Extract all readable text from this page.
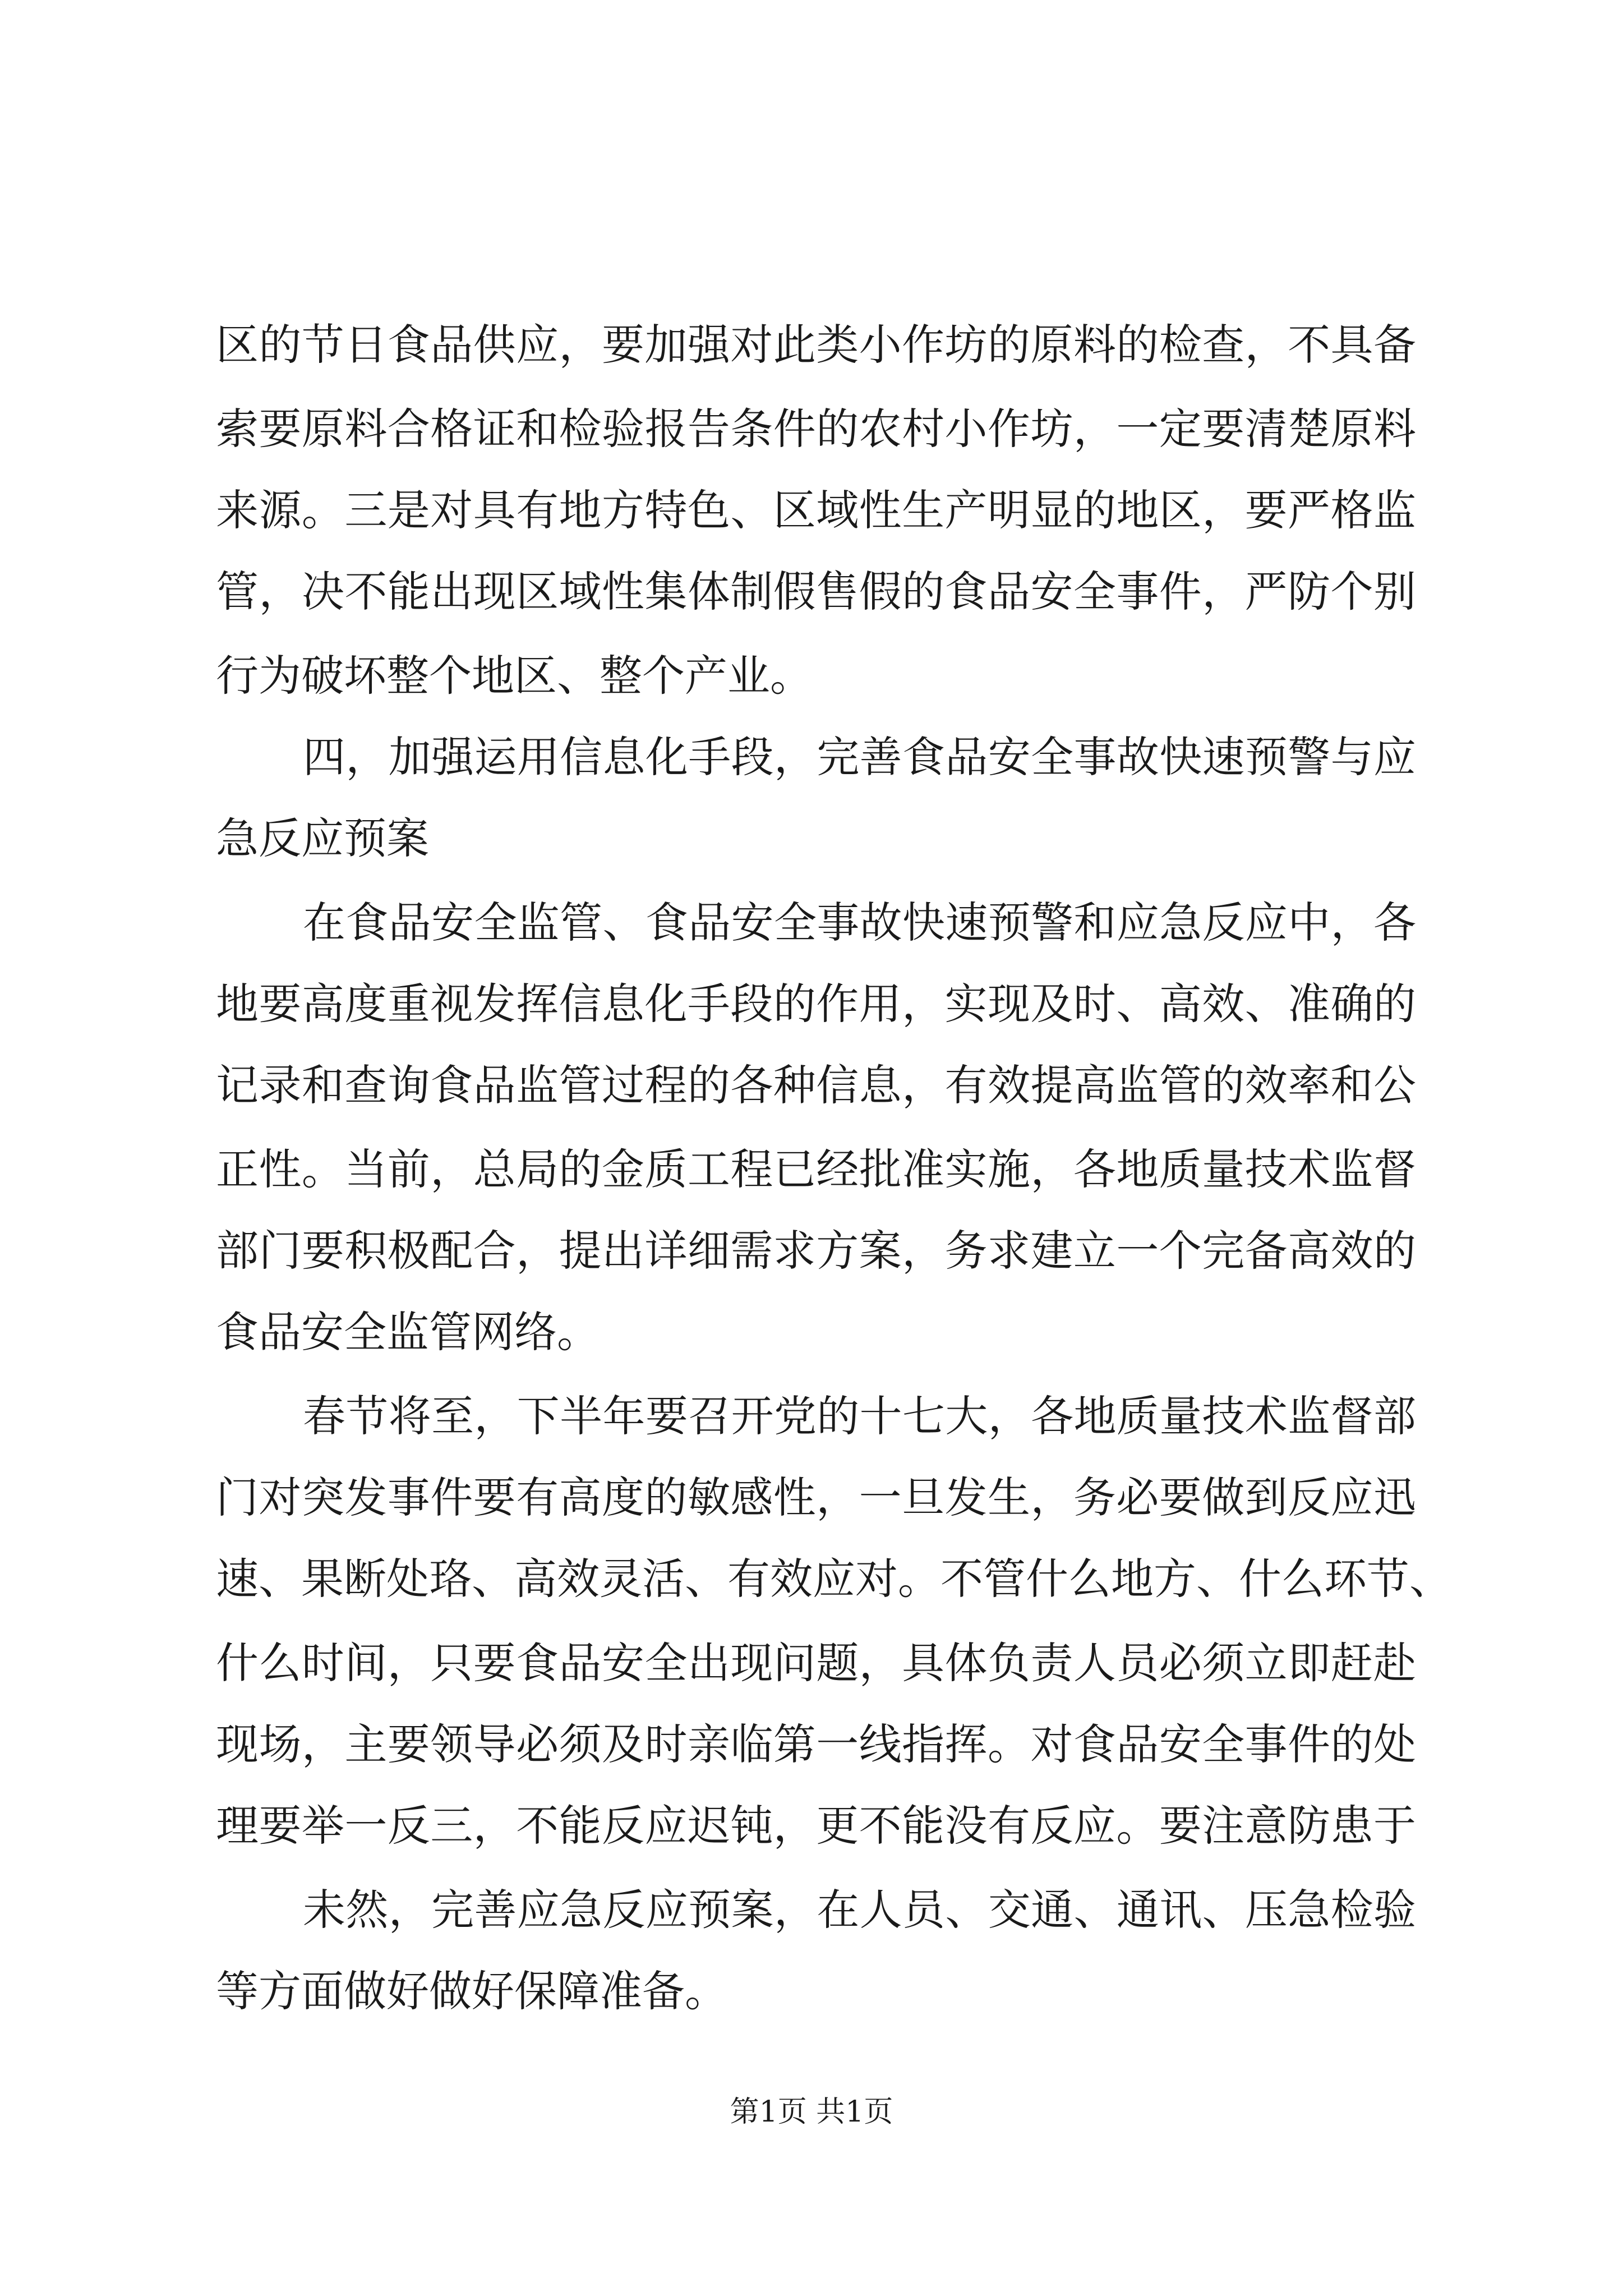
区的节日食品供应，要加强对此类小作坊的原料的检查，不具备
索要原料合格证和检验报告条件的农村小作坊，一定要清楚原料
来源。三是对具有地方特色、区域性生产明显的地区，要严格监
管，决不能出现区域性集体制假售假的食品安全事件，严防个别
行为破坏整个地区、整个产业。
四，加强运用信息化手段，完善食品安全事故快速预警与应
急反应预案
在食品安全监管、食品安全事故快速预警和应急反应中，各
地要高度重视发挥信息化手段的作用，实现及时、高效、准确的
记录和查询食品监管过程的各种信息，有效提高监管的效率和公
正性。当前，总局的金质工程已经批准实施，各地质量技术监督
部门要积极配合，提出详细需求方案，务求建立一个完备高效的
食品安全监管网络。
春节将至，下半年要召开党的十七大，各地质量技术监督部
门对突发事件要有高度的敏感性，一旦发生，务必要做到反应迅
速、果断处珞、高效灵活、有效应对。不管什么地方、什么环节、
什么时间，只要食品安全出现问题，具体负责人员必须立即赶赴
现场，主要领导必须及时亲临第一线指挥。对食品安全事件的处
理要举一反三，不能反应迟钝，更不能没有反应。要注意防患于
未然，完善应急反应预案，在人员、交通、通讯、压急检验
等方面做好做好保障准备。
第1页 共1页
